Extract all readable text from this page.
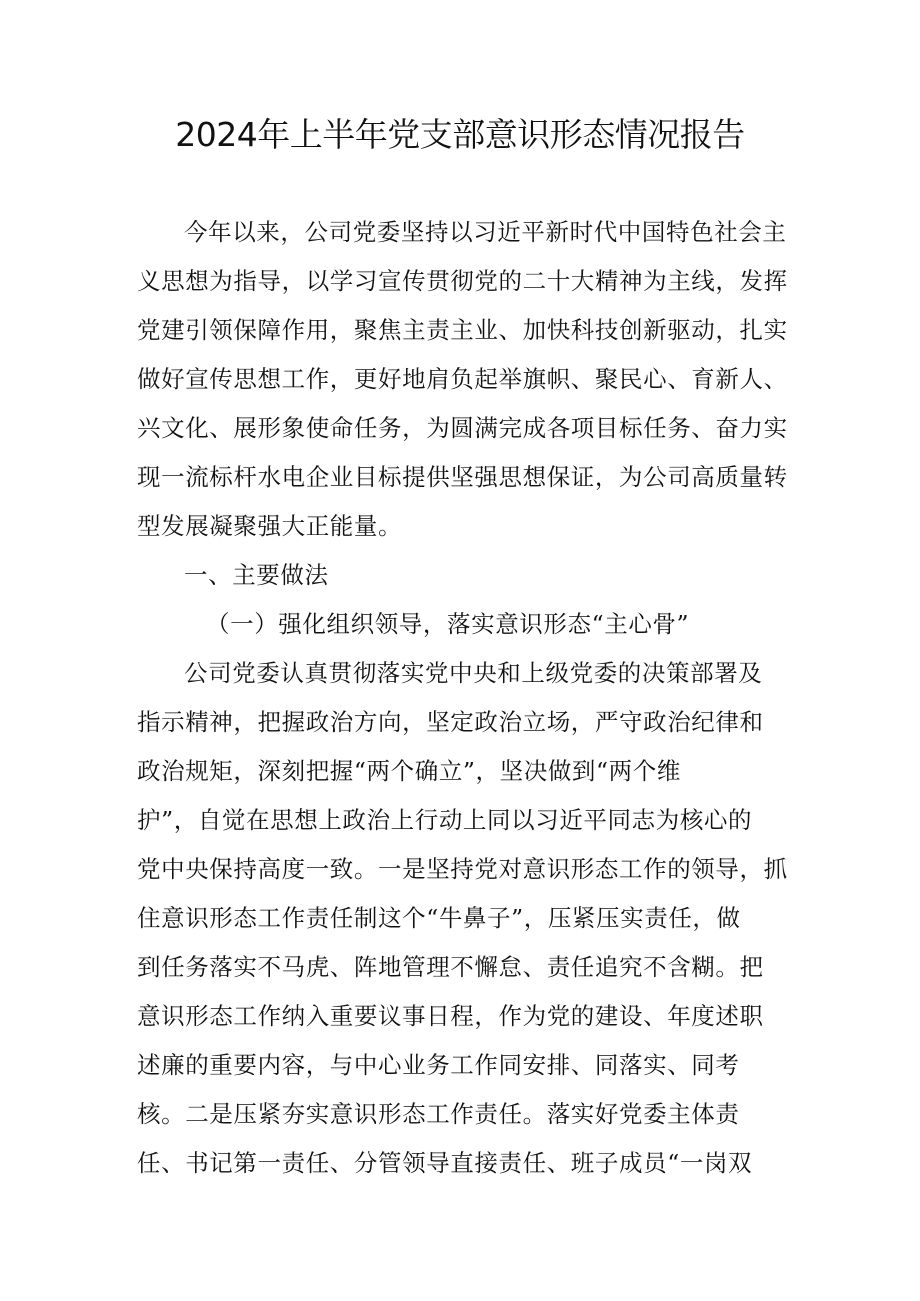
2024年上半年党支部意识形态情况报告

今年以来，公司党委坚持以习近平新时代中国特色社会主

义思想为指导，以学习宣传贯彻党的二十大精神为主线，发挥

党建引领保障作用，聚焦主责主业、加快科技创新驱动，扎实

做好宣传思想工作，更好地肩负起举旗帜、聚民心、育新人、

兴文化、展形象使命任务，为圆满完成各项目标任务、奋力实

现一流标杆水电企业目标提供坚强思想保证，为公司高质量转

型发展凝聚强大正能量。

一、主要做法

（一）强化组织领导，落实意识形态“主心骨”

公司党委认真贯彻落实党中央和上级党委的决策部署及

指示精神，把握政治方向，坚定政治立场，严守政治纪律和

政治规矩，深刻把握“两个确立”，坚决做到“两个维

护”，自觉在思想上政治上行动上同以习近平同志为核心的

党中央保持高度一致。一是坚持党对意识形态工作的领导，抓

住意识形态工作责任制这个“牛鼻子”，压紧压实责任，做

到任务落实不马虎、阵地管理不懈怠、责任追究不含糊。把

意识形态工作纳入重要议事日程，作为党的建设、年度述职

述廉的重要内容，与中心业务工作同安排、同落实、同考

核。二是压紧夯实意识形态工作责任。落实好党委主体责

任、书记第一责任、分管领导直接责任、班子成员“一岗双
